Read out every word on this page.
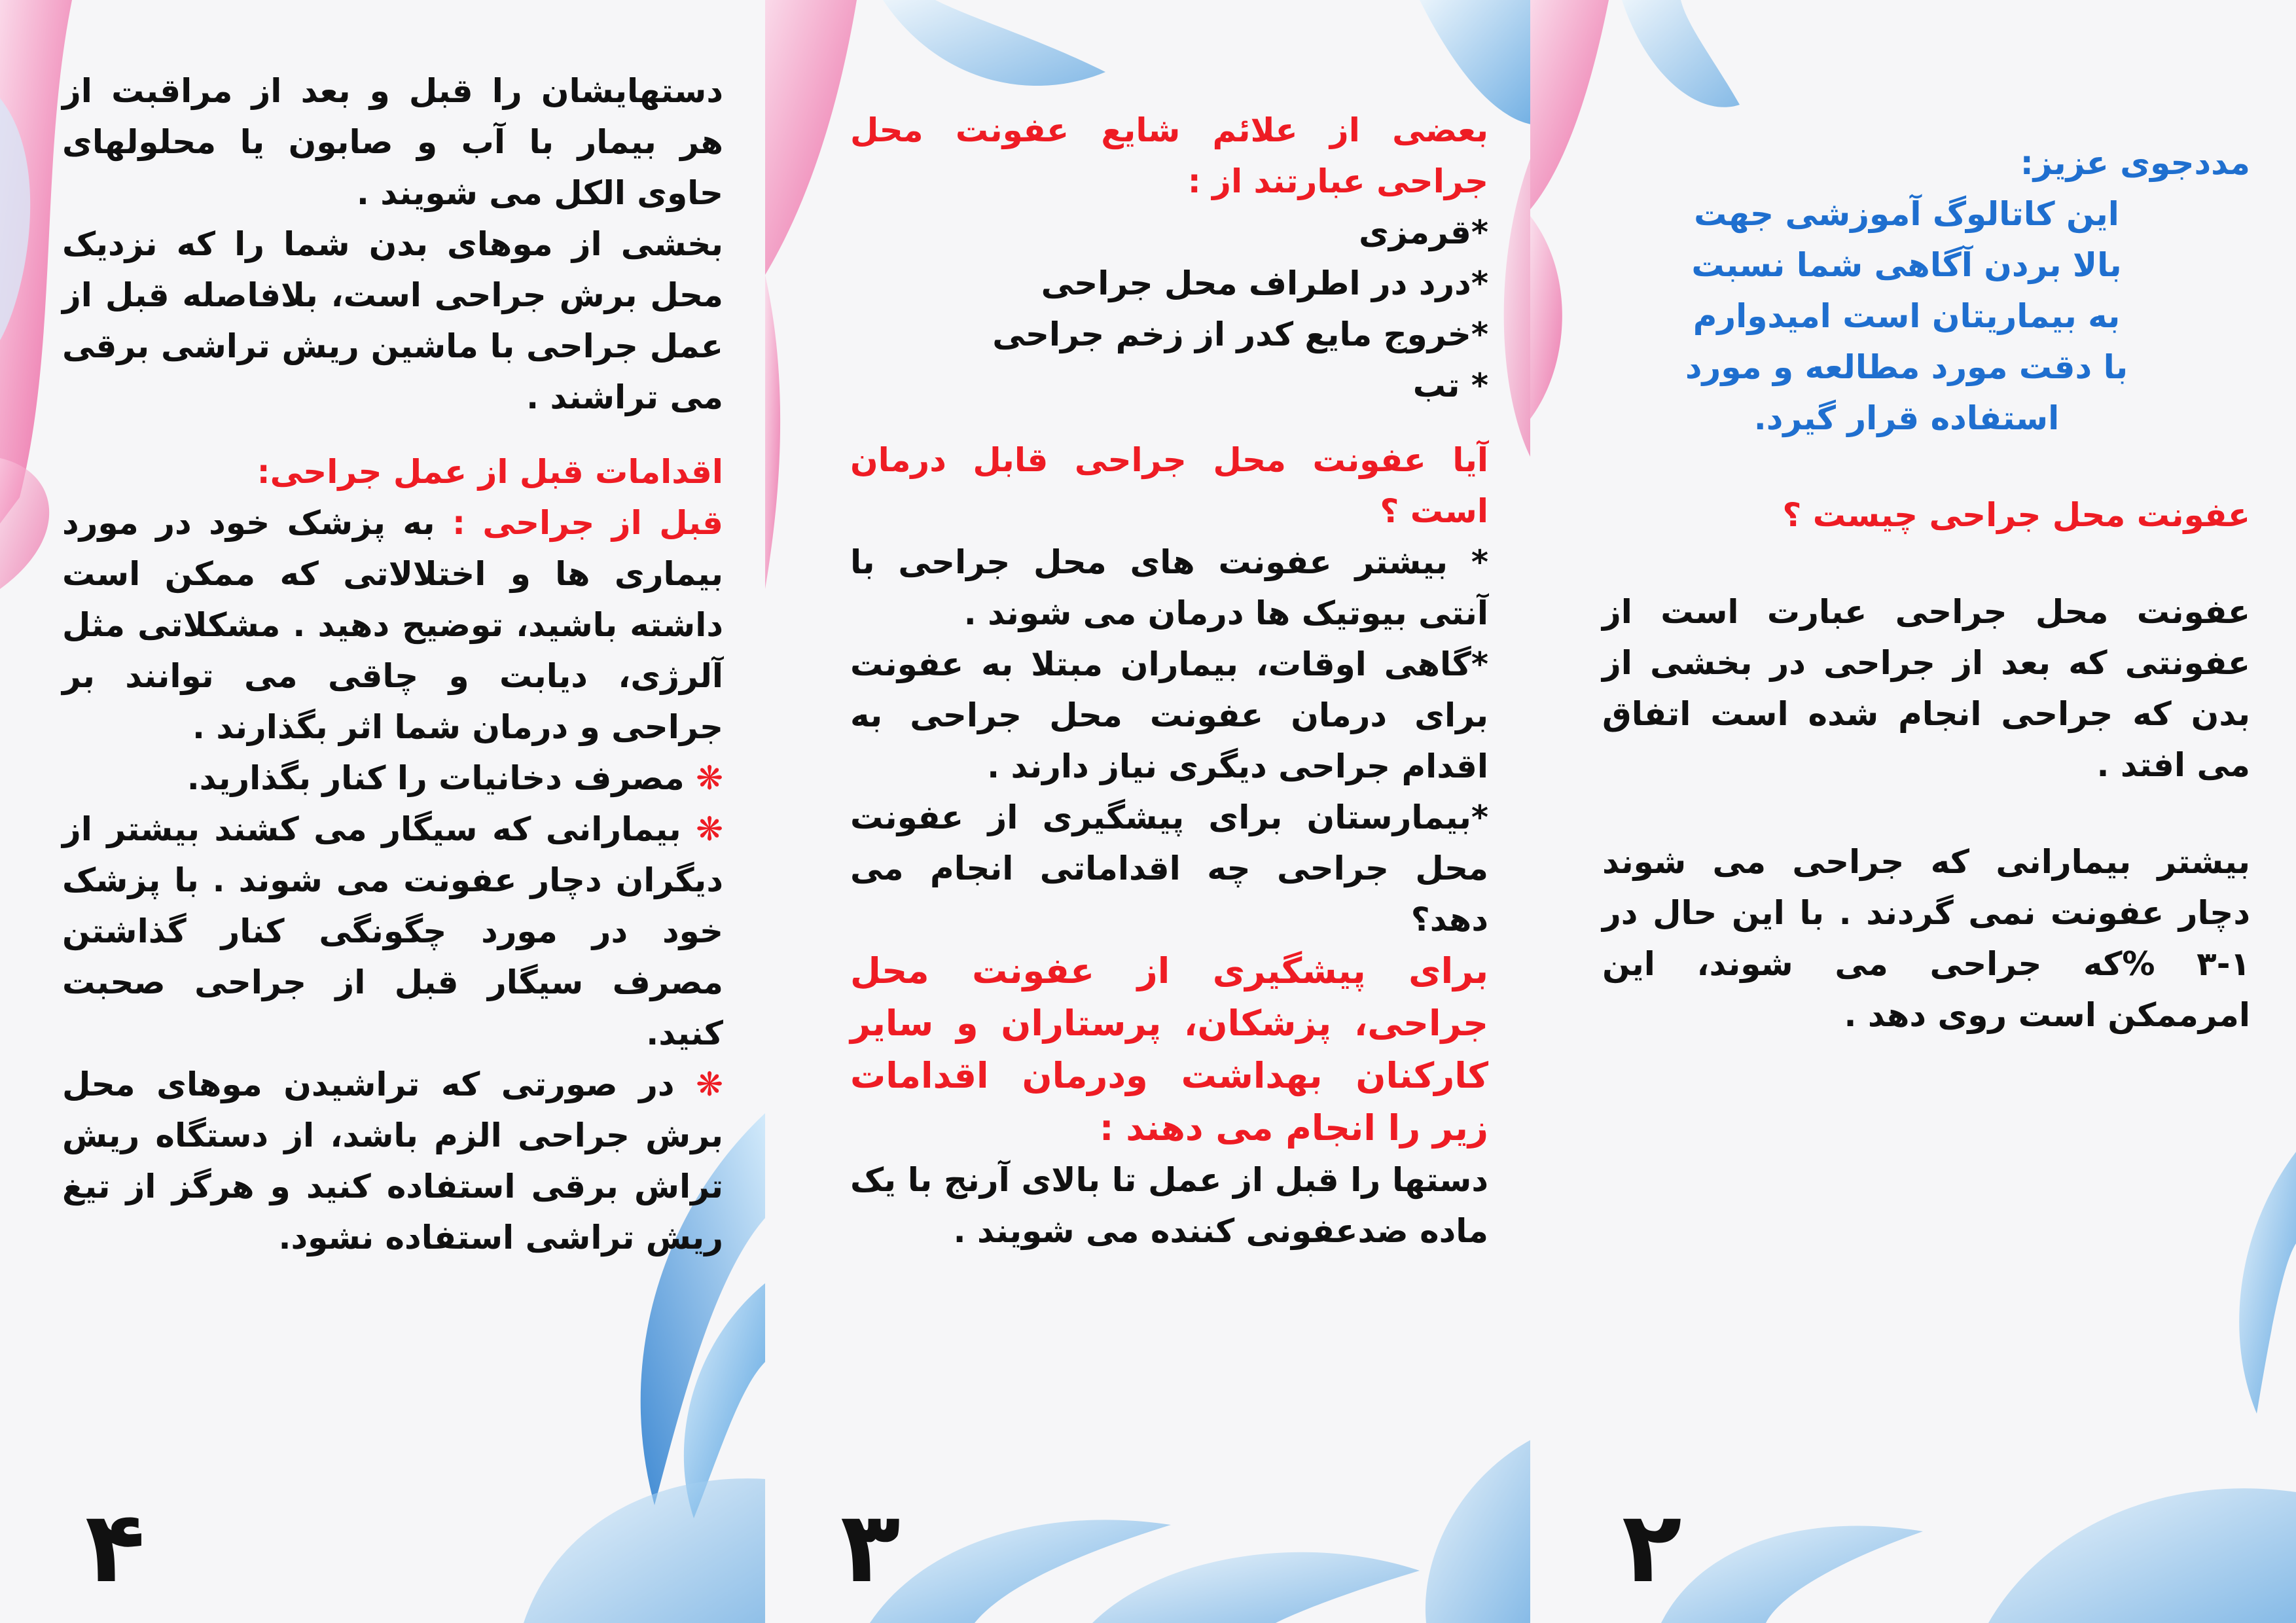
دستهایشان را قبل و بعد از مراقبت از هر بیمار با آب و صابون یا محلولهای حاوی الکل می شویند .

بخشی از موهای بدن شما را که نزدیک محل برش جراحی است، بلافاصله قبل از عمل جراحی با ماشین ریش تراشی برقی می تراشند .

اقدامات قبل از عمل جراحی:

قبل از جراحی : به پزشک خود در مورد بیماری ها و اختلالاتی که ممکن است داشته باشید، توضیح دهید . مشکلاتی مثل آلرژی، دیابت و چاقی می توانند بر جراحی و درمان شما اثر بگذارند .

❋ مصرف دخانیات را کنار بگذارید.

❋ بیمارانی که سیگار می کشند بیشتر از دیگران دچار عفونت می شوند . با پزشک خود در مورد چگونگی کنار گذاشتن مصرف سیگار قبل از جراحی صحبت کنید.

❋ در صورتی که تراشیدن موهای محل برش جراحی الزم باشد، از دستگاه ریش تراش برقی استفاده کنید و هرگز از تیغ ریش تراشی استفاده نشود.

۴

بعضی از علائم شایع عفونت محل جراحی عبارتند از :

*قرمزی

*درد در اطراف محل جراحی

*خروج مایع کدر از زخم جراحی

* تب

آیا عفونت محل جراحی قابل درمان است ؟

* بیشتر عفونت های محل جراحی با آنتی بیوتیک ها درمان می شوند .

*گاهی اوقات، بیماران مبتلا به عفونت برای درمان عفونت محل جراحی به اقدام جراحی دیگری نیاز دارند .

*بیمارستان برای پیشگیری از عفونت محل جراحی چه اقداماتی انجام می دهد؟

برای پیشگیری از عفونت محل جراحی، پزشکان، پرستاران و سایر کارکنان بهداشت ودرمان اقدامات زیر را انجام می دهند :

دستها را قبل از عمل تا بالای آرنج با یک ماده ضدعفونی کننده می شویند .

۳

مددجوی عزیز:

این کاتالوگ آموزشی جهت بالا بردن آگاهی شما نسبت به بیماریتان است امیدوارم با دقت مورد مطالعه و مورد استفاده قرار گیرد.

عفونت محل جراحی چیست ؟

عفونت محل جراحی عبارت است از عفونتی که بعد از جراحی در بخشی از بدن که جراحی انجام شده است اتفاق می افتد .

بیشتر بیمارانی که جراحی می شوند دچار عفونت نمی گردند . با این حال در ۱-۳ %که جراحی می شوند، این امرممکن است روی دهد .

۲
